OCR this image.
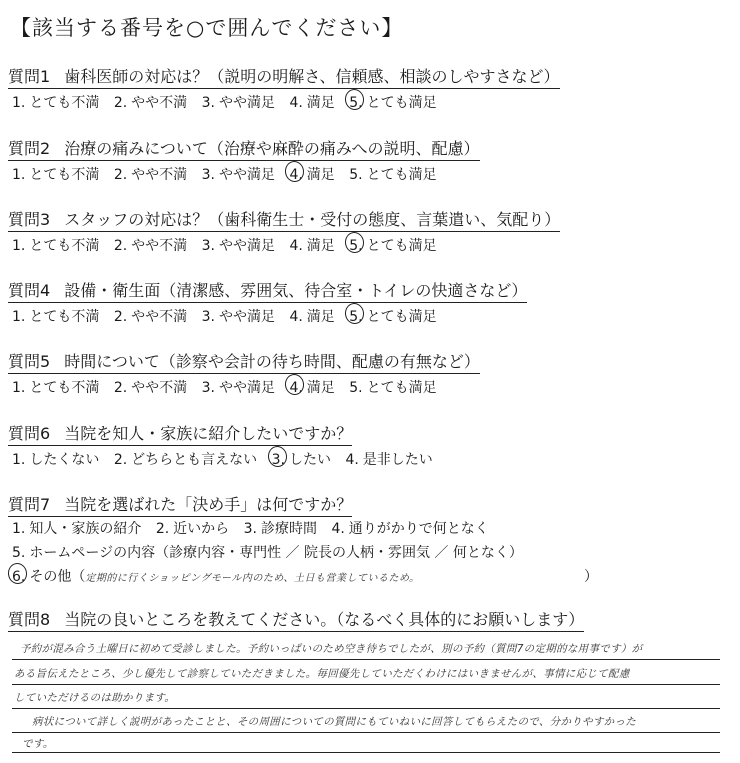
【該当する番号を○で囲んでください】
質問1 歯科医師の対応は？（説明の明解さ、信頼感、相談のしやすさなど）
1. とても不満 2. やや不満 3. やや満足 4. 満足 5. とても満足
質問2 治療の痛みについて（治療や麻酔の痛みへの説明、配慮）
1. とても不満 2. やや不満 3. やや満足 4. 満足 5. とても満足
質問3 スタッフの対応は？（歯科衛生士・受付の態度、言葉遣い、気配り）
1. とても不満 2. やや不満 3. やや満足 4. 満足 5. とても満足
質問4 設備・衛生面（清潔感、雰囲気、待合室・トイレの快適さなど）
1. とても不満 2. やや不満 3. やや満足 4. 満足 5. とても満足
質問5 時間について（診察や会計の待ち時間、配慮の有無など）
1. とても不満 2. やや不満 3. やや満足 4. 満足 5. とても満足
質問6 当院を知人・家族に紹介したいですか？
1. したくない 2. どちらとも言えない 3. したい 4. 是非したい
質問7 当院を選ばれた「決め手」は何ですか？
1. 知人・家族の紹介 2. 近いから 3. 診療時間 4. 通りがかりで何となく
5. ホームページの内容（診療内容・専門性 ／ 院長の人柄・雰囲気 ／ 何となく）
6. その他（定期的に行くショッピングモール内のため、土日も営業しているため。	）
質問8 当院の良いところを教えてください。（なるべく具体的にお願いします）
予約が混み合う土曜日に初めて受診しました。予約いっぱいのため空き待ちでしたが、別の予約（質問7の定期的な用事です）が
ある旨伝えたところ、少し優先して診察していただきました。毎回優先していただくわけにはいきませんが、事情に応じて配慮
していただけるのは助かります。
病状について詳しく説明があったことと、その周囲についての質問にもていねいに回答してもらえたので、分かりやすかった
です。
